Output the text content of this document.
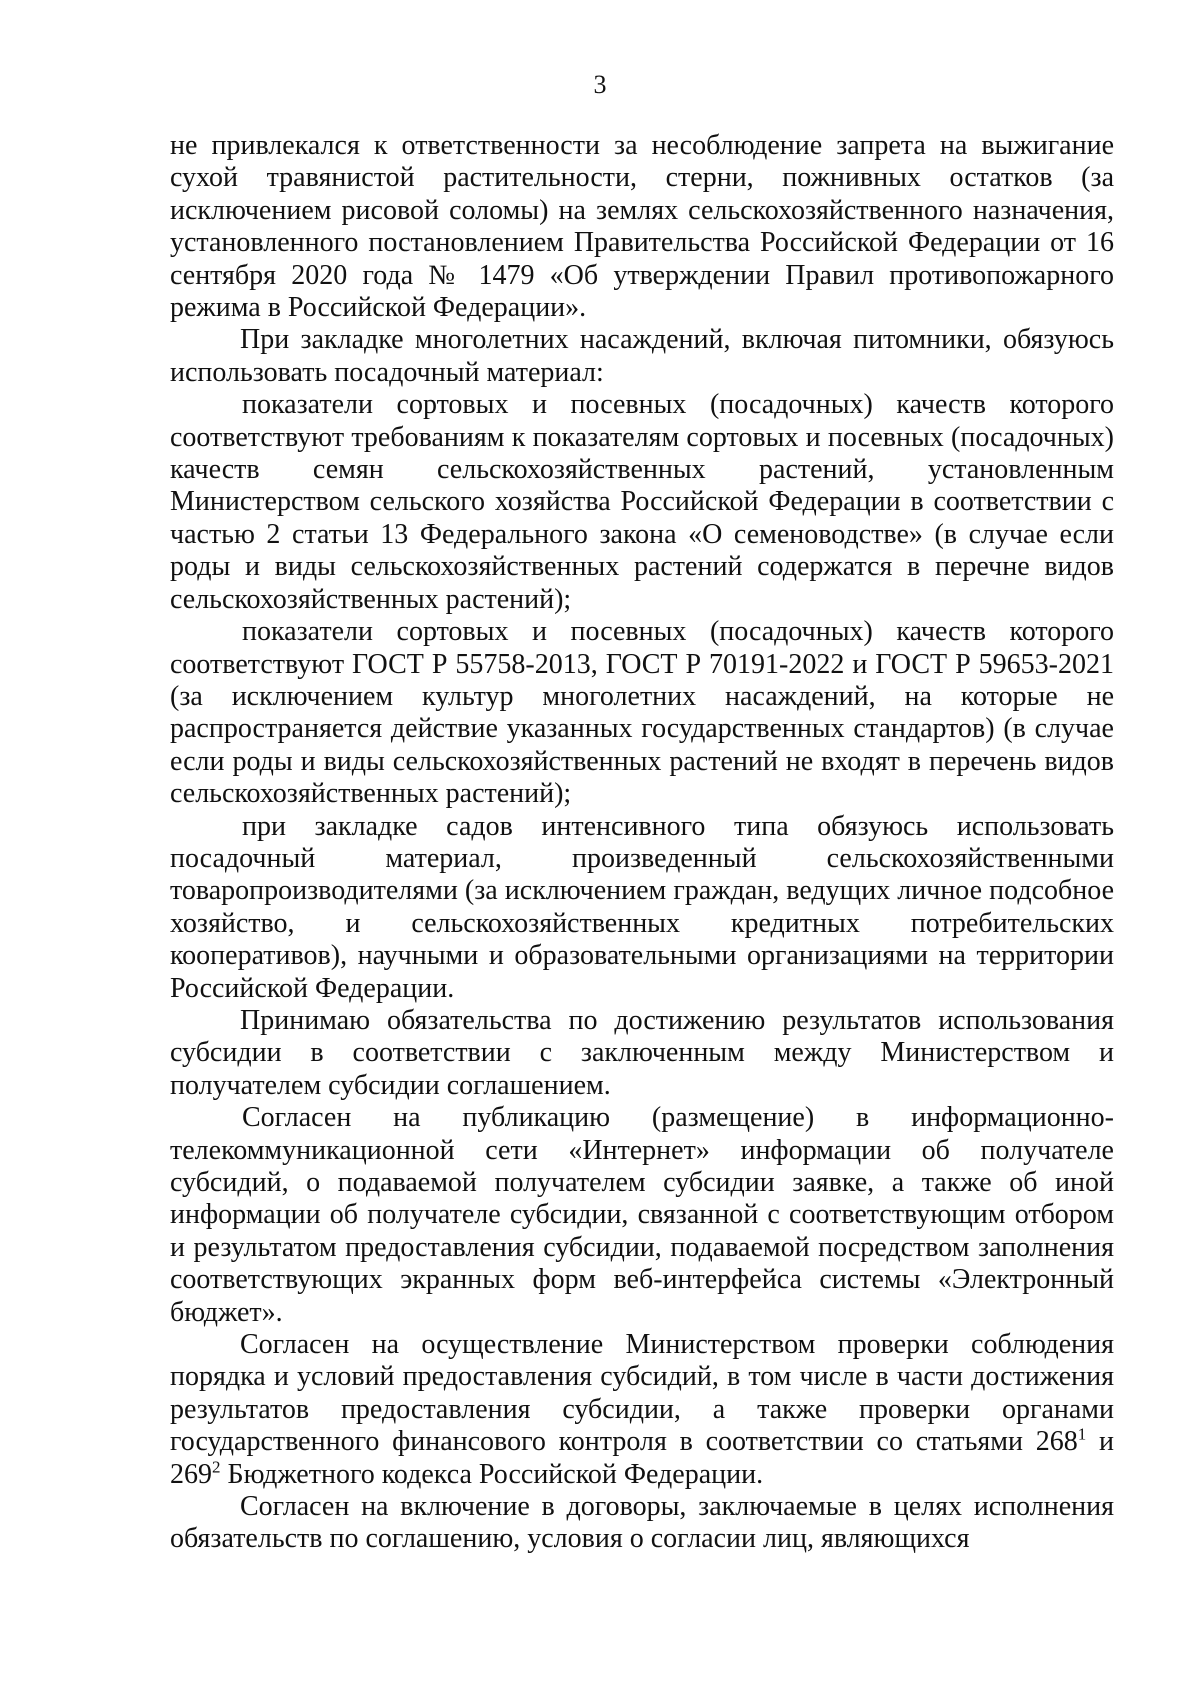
3

не привлекался к ответственности за несоблюдение запрета на выжигание сухой травянистой растительности, стерни, пожнивных остатков (за исключением рисовой соломы) на землях сельскохозяйственного назначения, установленного постановлением Правительства Российской Федерации от 16 сентября 2020 года № 1479 «Об утверждении Правил противопожарного режима в Российской Федерации».

При закладке многолетних насаждений, включая питомники, обязуюсь использовать посадочный материал:

показатели сортовых и посевных (посадочных) качеств которого соответствуют требованиям к показателям сортовых и посевных (посадочных) качеств семян сельскохозяйственных растений, установленным Министерством сельского хозяйства Российской Федерации в соответствии с частью 2 статьи 13 Федерального закона «О семеноводстве» (в случае если роды и виды сельскохозяйственных растений содержатся в перечне видов сельскохозяйственных растений);

показатели сортовых и посевных (посадочных) качеств которого соответствуют ГОСТ Р 55758-2013, ГОСТ Р 70191-2022 и ГОСТ Р 59653-2021 (за исключением культур многолетних насаждений, на которые не распространяется действие указанных государственных стандартов) (в случае если роды и виды сельскохозяйственных растений не входят в перечень видов сельскохозяйственных растений);

при закладке садов интенсивного типа обязуюсь использовать посадочный материал, произведенный сельскохозяйственными товаропроизводителями (за исключением граждан, ведущих личное подсобное хозяйство, и сельскохозяйственных кредитных потребительских кооперативов), научными и образовательными организациями на территории Российской Федерации.

Принимаю обязательства по достижению результатов использования субсидии в соответствии с заключенным между Министерством и получателем субсидии соглашением.

Согласен на публикацию (размещение) в информационно-телекоммуникационной сети «Интернет» информации об получателе субсидий, о подаваемой получателем субсидии заявке, а также об иной информации об получателе субсидии, связанной с соответствующим отбором и результатом предоставления субсидии, подаваемой посредством заполнения соответствующих экранных форм веб-интерфейса системы «Электронный бюджет».

Согласен на осуществление Министерством проверки соблюдения порядка и условий предоставления субсидий, в том числе в части достижения результатов предоставления субсидии, а также проверки органами государственного финансового контроля в соответствии со статьями $268^1$ и $269^2$ Бюджетного кодекса Российской Федерации.

Согласен на включение в договоры, заключаемые в целях исполнения обязательств по соглашению, условия о согласии лиц, являющихся
